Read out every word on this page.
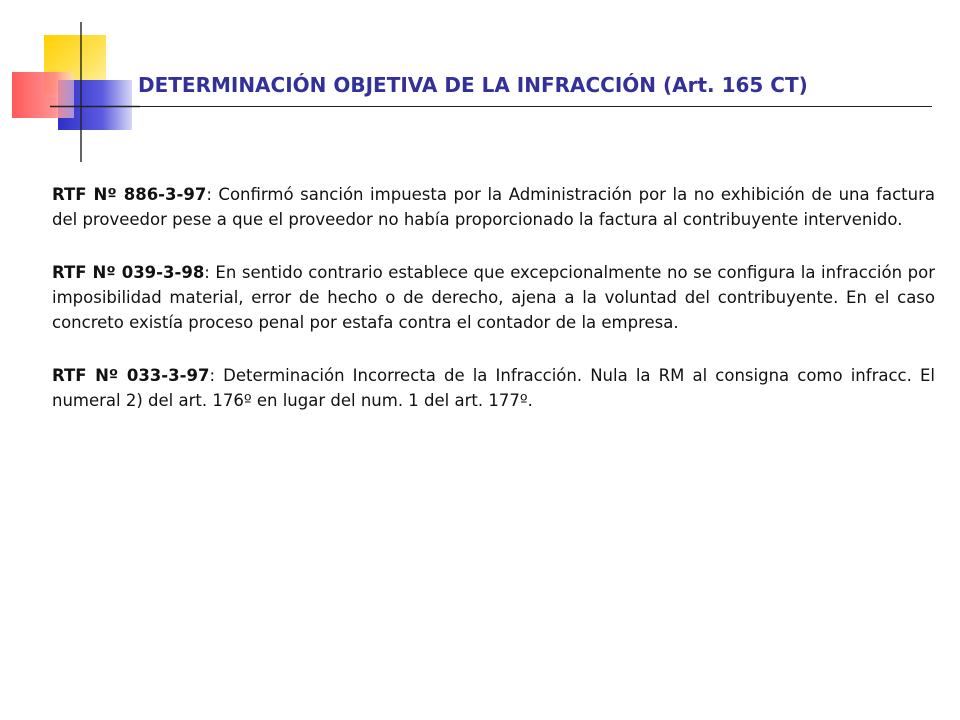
DETERMINACIÓN OBJETIVA DE LA INFRACCIÓN (Art. 165 CT)

RTF Nº 886-3-97: Confirmó sanción impuesta por la Administración por la no exhibición de una factura del proveedor pese a que el proveedor no había proporcionado la factura al contribuyente intervenido.

RTF Nº 039-3-98: En sentido contrario establece que excepcionalmente no se configura la infracción por imposibilidad material, error de hecho o de derecho, ajena a la voluntad del contribuyente. En el caso concreto existía proceso penal por estafa contra el contador de la empresa.

RTF Nº 033-3-97: Determinación Incorrecta de la Infracción. Nula la RM al consigna como infracc. El numeral 2) del art. 176º en lugar del num. 1 del art. 177º.
